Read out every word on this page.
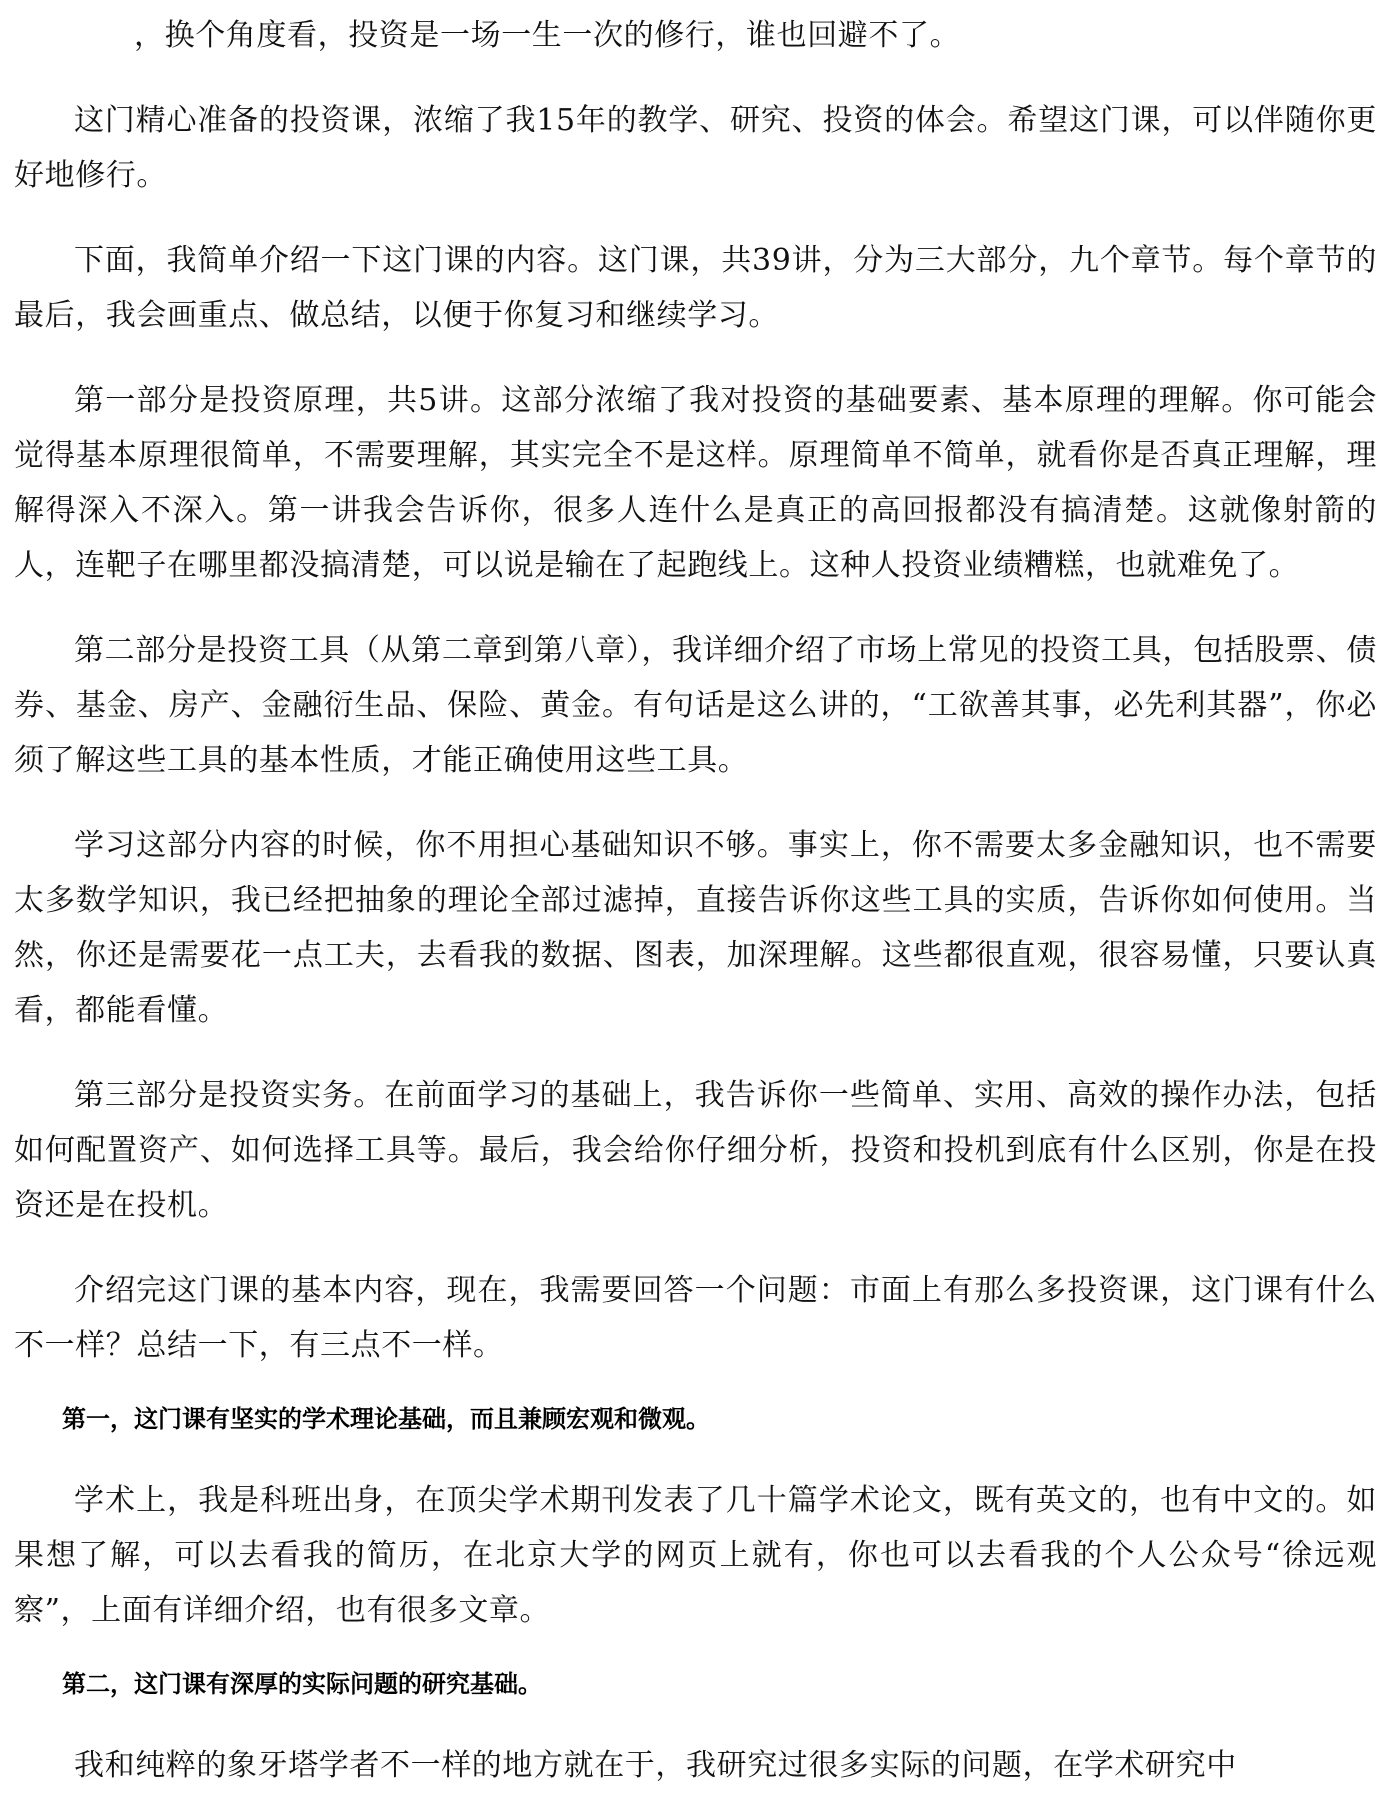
，换个角度看，投资是一场一生一次的修行，谁也回避不了。

这门精心准备的投资课，浓缩了我15年的教学、研究、投资的体会。希望这门课，可以伴随你更好地修行。

下面，我简单介绍一下这门课的内容。这门课，共39讲，分为三大部分，九个章节。每个章节的最后，我会画重点、做总结，以便于你复习和继续学习。

第一部分是投资原理，共5讲。这部分浓缩了我对投资的基础要素、基本原理的理解。你可能会觉得基本原理很简单，不需要理解，其实完全不是这样。原理简单不简单，就看你是否真正理解，理解得深入不深入。第一讲我会告诉你，很多人连什么是真正的高回报都没有搞清楚。这就像射箭的人，连靶子在哪里都没搞清楚，可以说是输在了起跑线上。这种人投资业绩糟糕，也就难免了。

第二部分是投资工具（从第二章到第八章），我详细介绍了市场上常见的投资工具，包括股票、债券、基金、房产、金融衍生品、保险、黄金。有句话是这么讲的，“工欲善其事，必先利其器”，你必须了解这些工具的基本性质，才能正确使用这些工具。

学习这部分内容的时候，你不用担心基础知识不够。事实上，你不需要太多金融知识，也不需要太多数学知识，我已经把抽象的理论全部过滤掉，直接告诉你这些工具的实质，告诉你如何使用。当然，你还是需要花一点工夫，去看我的数据、图表，加深理解。这些都很直观，很容易懂，只要认真看，都能看懂。

第三部分是投资实务。在前面学习的基础上，我告诉你一些简单、实用、高效的操作办法，包括如何配置资产、如何选择工具等。最后，我会给你仔细分析，投资和投机到底有什么区别，你是在投资还是在投机。

介绍完这门课的基本内容，现在，我需要回答一个问题：市面上有那么多投资课，这门课有什么不一样？总结一下，有三点不一样。

第一，这门课有坚实的学术理论基础，而且兼顾宏观和微观。

学术上，我是科班出身，在顶尖学术期刊发表了几十篇学术论文，既有英文的，也有中文的。如果想了解，可以去看我的简历，在北京大学的网页上就有，你也可以去看我的个人公众号“徐远观察”，上面有详细介绍，也有很多文章。

第二，这门课有深厚的实际问题的研究基础。

我和纯粹的象牙塔学者不一样的地方就在于，我研究过很多实际的问题，在学术研究中
